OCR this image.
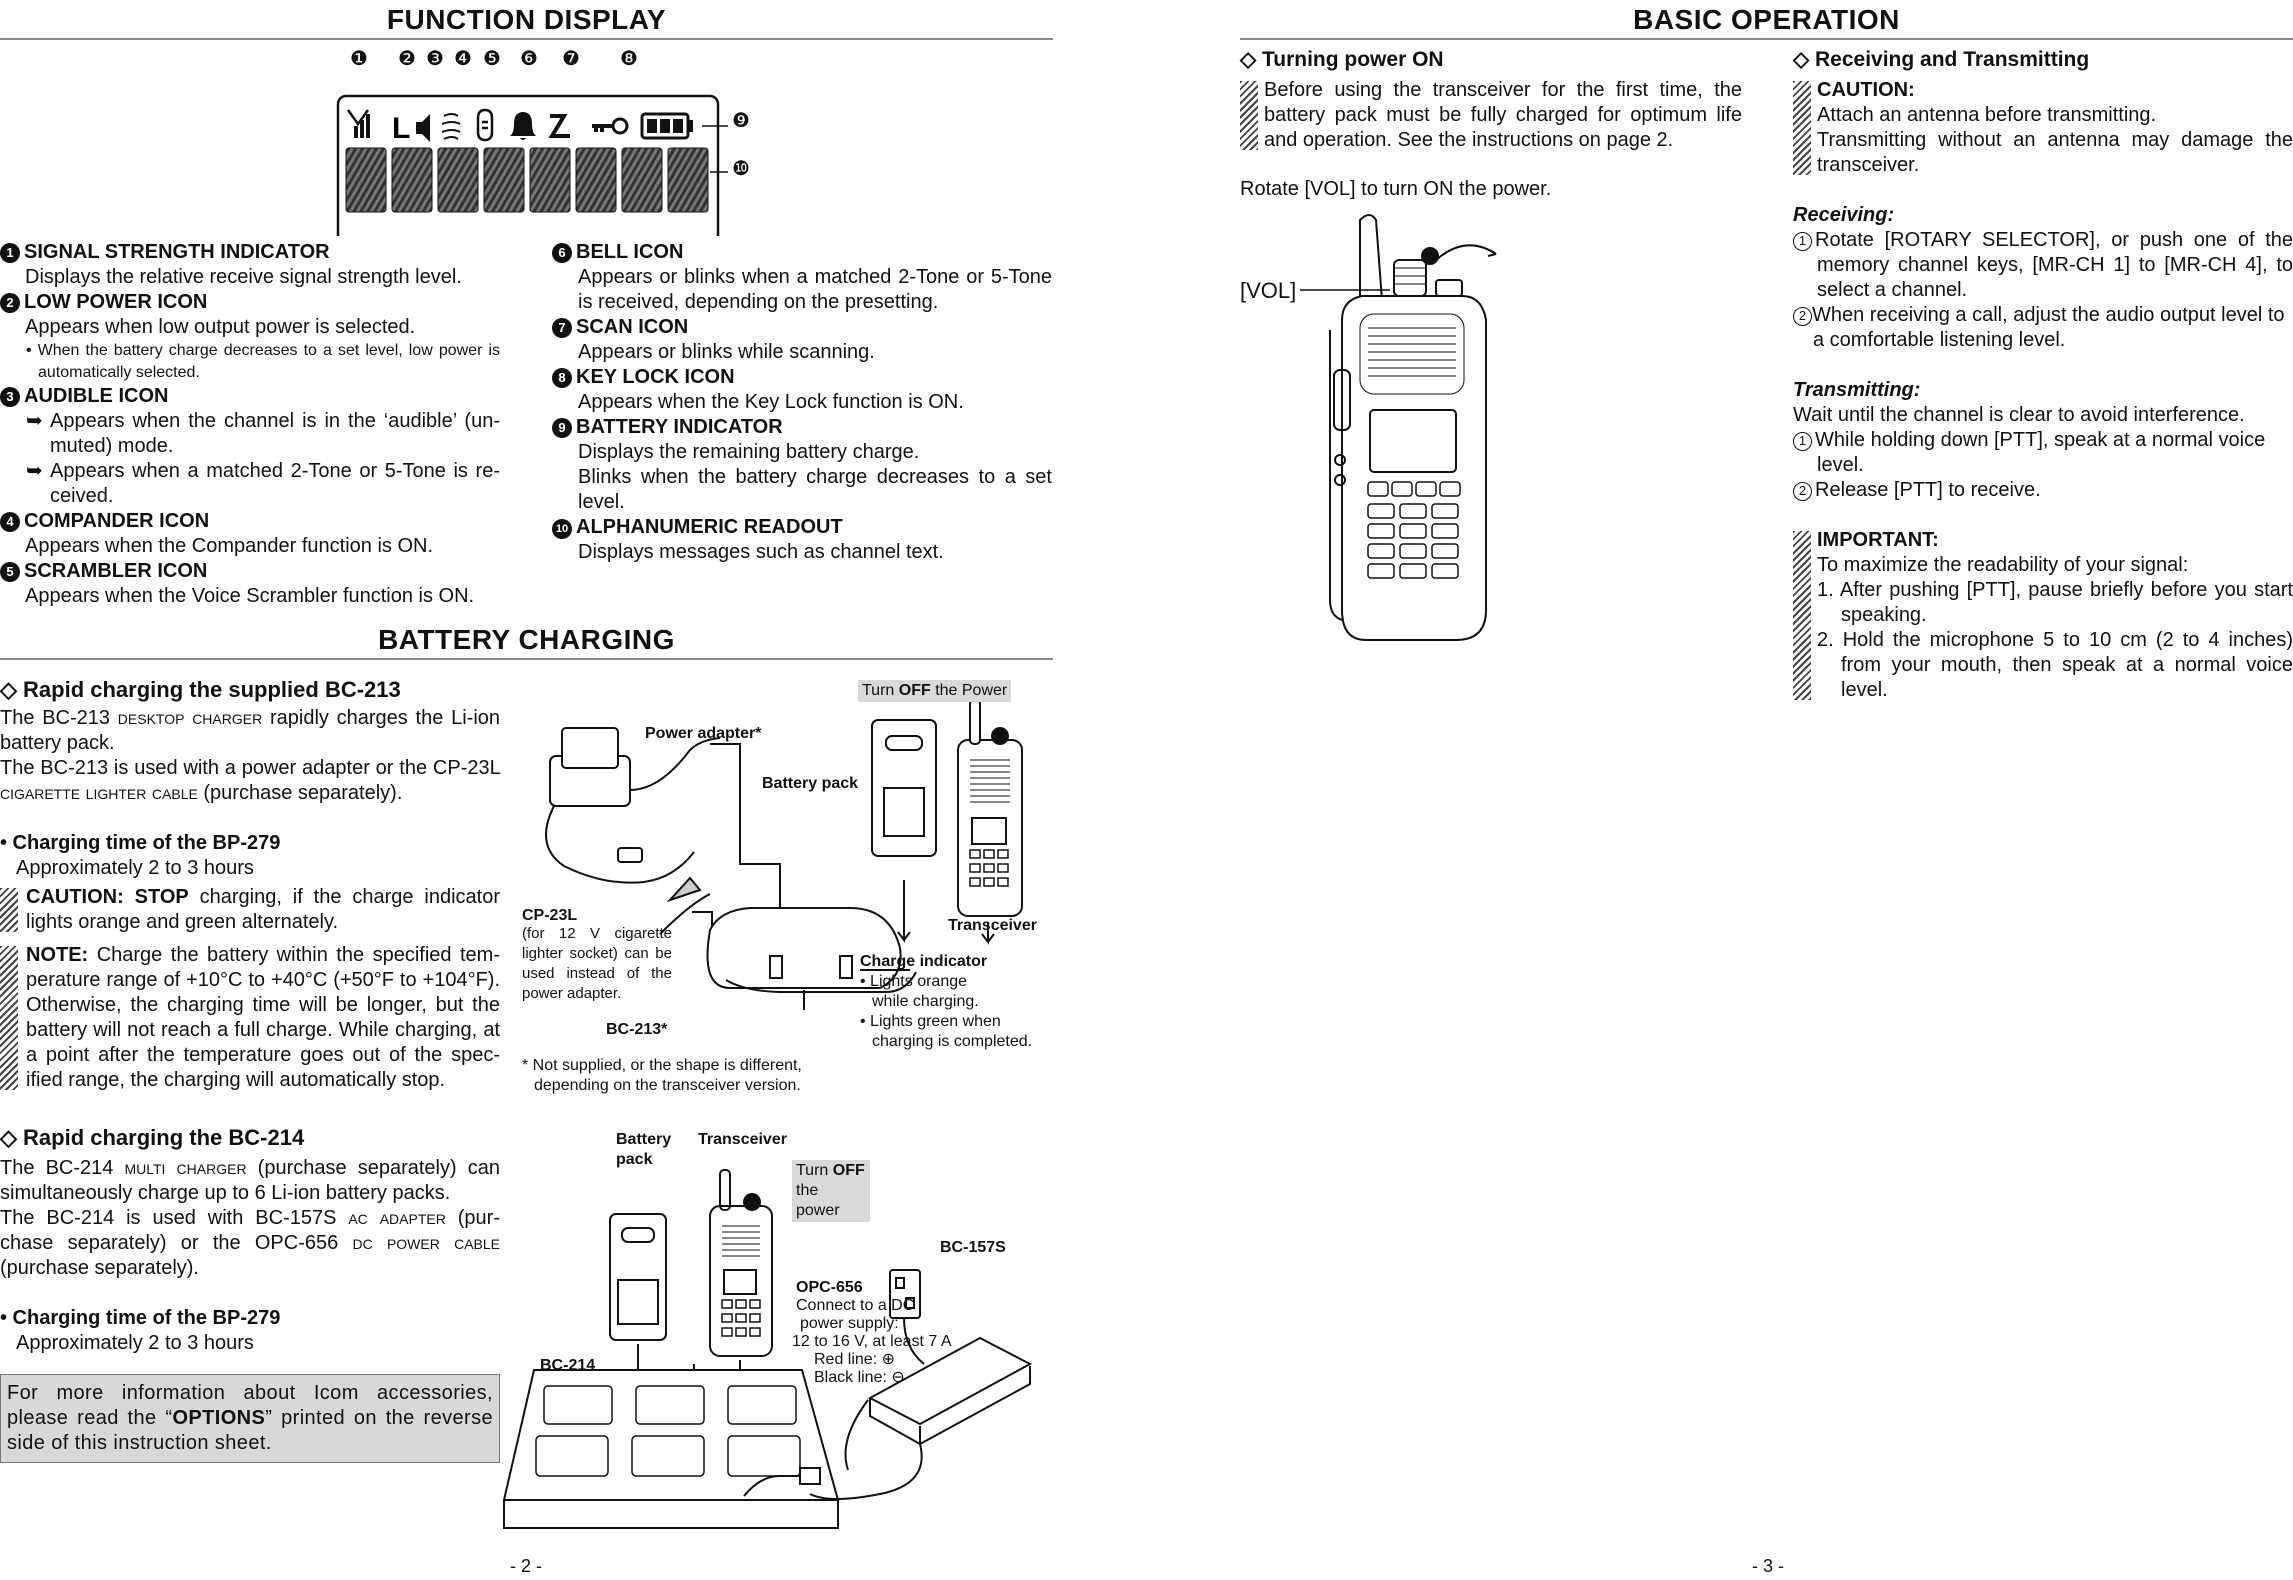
FUNCTION DISPLAY
❶ ❷ ❸ ❹ ❺ ❻ ❼ ❽
L	❾
❿
1 SIGNAL STRENGTH INDICATOR
Displays the relative receive signal strength level.
2 LOW POWER ICON
Appears when low output power is selected.
• When the battery charge decreases to a set level, low power is automatically selected.
3 AUDIBLE ICON
➥ Appears when the channel is in the ‘audible’ (un-muted) mode.
➥ Appears when a matched 2-Tone or 5-Tone is re-ceived.
4 COMPANDER ICON
Appears when the Compander function is ON.
5 SCRAMBLER ICON
Appears when the Voice Scrambler function is ON.
6 BELL ICON
Appears or blinks when a matched 2-Tone or 5-Tone is received, depending on the presetting.
7 SCAN ICON
Appears or blinks while scanning.
8 KEY LOCK ICON
Appears when the Key Lock function is ON.
9 BATTERY INDICATOR
Displays the remaining battery charge.
Blinks when the battery charge decreases to a set level.
10 ALPHANUMERIC READOUT
Displays messages such as channel text.
BATTERY CHARGING
◇ Rapid charging the supplied BC-213
The BC-213 desktop charger rapidly charges the Li-ion battery pack.
The BC-213 is used with a power adapter or the CP-23L cigarette lighter cable (purchase separately).
• Charging time of the BP-279
Approximately 2 to 3 hours
CAUTION: STOP charging, if the charge indicator lights orange and green alternately.
NOTE: Charge the battery within the specified tem-perature range of +10°C to +40°C (+50°F to +104°F). Otherwise, the charging time will be longer, but the battery will not reach a full charge. While charging, at a point after the temperature goes out of the spec-ified range, the charging will automatically stop.
Turn OFF the Power
Power adapter*
Battery pack
Transceiver
CP-23L
(for 12 V cigarette lighter socket) can be used instead of the power adapter.
BC-213*
Charge indicator
• Lights orange
while charging.
• Lights green when
charging is completed.
* Not supplied, or the shape is different,
depending on the transceiver version.
◇ Rapid charging the BC-214
The BC-214 multi charger (purchase separately) can simultaneously charge up to 6 Li-ion battery packs.
The BC-214 is used with BC-157S ac adapter (pur-chase separately) or the OPC-656 dc power cable (purchase separately).
• Charging time of the BP-279
Approximately 2 to 3 hours
For more information about Icom accessories, please read the “OPTIONS” printed on the reverse side of this instruction sheet.
Battery pack
Transceiver
Turn OFF
the power
BC-157S
OPC-656
Connect to a DC
power supply:
12 to 16 V, at least 7 A
Red line: ⊕
Black line: ⊖
BC-214
- 2 -
BASIC OPERATION
◇ Turning power ON
Before using the transceiver for the first time, the battery pack must be fully charged for optimum life and operation. See the instructions on page 2.
Rotate [VOL] to turn ON the power.
[VOL]
◇ Receiving and Transmitting
CAUTION:
Attach an antenna before transmitting.
Transmitting without an antenna may damage the transceiver.
Receiving:
1 Rotate [ROTARY SELECTOR], or push one of the memory channel keys, [MR-CH 1] to [MR-CH 4], to select a channel.
2 When receiving a call, adjust the audio output level to a comfortable listening level.
Transmitting:
Wait until the channel is clear to avoid interference.
1 While holding down [PTT], speak at a normal voice level.
2 Release [PTT] to receive.
IMPORTANT:
To maximize the readability of your signal:
1. After pushing [PTT], pause briefly before you start speaking.
2. Hold the microphone 5 to 10 cm (2 to 4 inches) from your mouth, then speak at a normal voice level.
- 3 -
